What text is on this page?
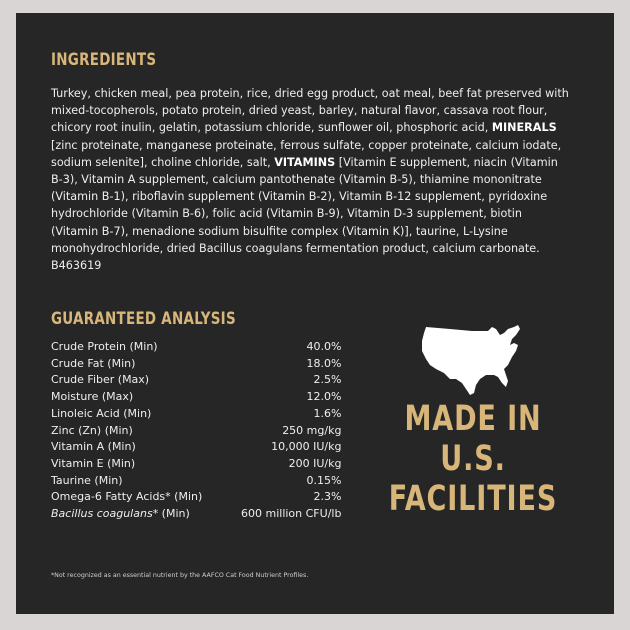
INGREDIENTS
Turkey, chicken meal, pea protein, rice, dried egg product, oat meal, beef fat preserved with mixed-tocopherols, potato protein, dried yeast, barley, natural flavor, cassava root flour, chicory root inulin, gelatin, potassium chloride, sunflower oil, phosphoric acid, MINERALS [zinc proteinate, manganese proteinate, ferrous sulfate, copper proteinate, calcium iodate, sodium selenite], choline chloride, salt, VITAMINS [Vitamin E supplement, niacin (Vitamin B-3), Vitamin A supplement, calcium pantothenate (Vitamin B-5), thiamine mononitrate (Vitamin B-1), riboflavin supplement (Vitamin B-2), Vitamin B-12 supplement, pyridoxine hydrochloride (Vitamin B-6), folic acid (Vitamin B-9), Vitamin D-3 supplement, biotin (Vitamin B-7), menadione sodium bisulfite complex (Vitamin K)], taurine, L-Lysine monohydrochloride, dried Bacillus coagulans fermentation product, calcium carbonate. B463619
GUARANTEED ANALYSIS
Crude Protein (Min)	40.0%
Crude Fat (Min)	18.0%
Crude Fiber (Max)	2.5%
Moisture (Max)	12.0%
Linoleic Acid (Min)	1.6%
Zinc (Zn) (Min)	250 mg/kg
Vitamin A (Min)	10,000 IU/kg
Vitamin E (Min)	200 IU/kg
Taurine (Min)	0.15%
Omega-6 Fatty Acids* (Min)	2.3%
Bacillus coagulans* (Min)	600 million CFU/lb
MADE IN
U.S.
FACILITIES
*Not recognized as an essential nutrient by the AAFCO Cat Food Nutrient Profiles.
